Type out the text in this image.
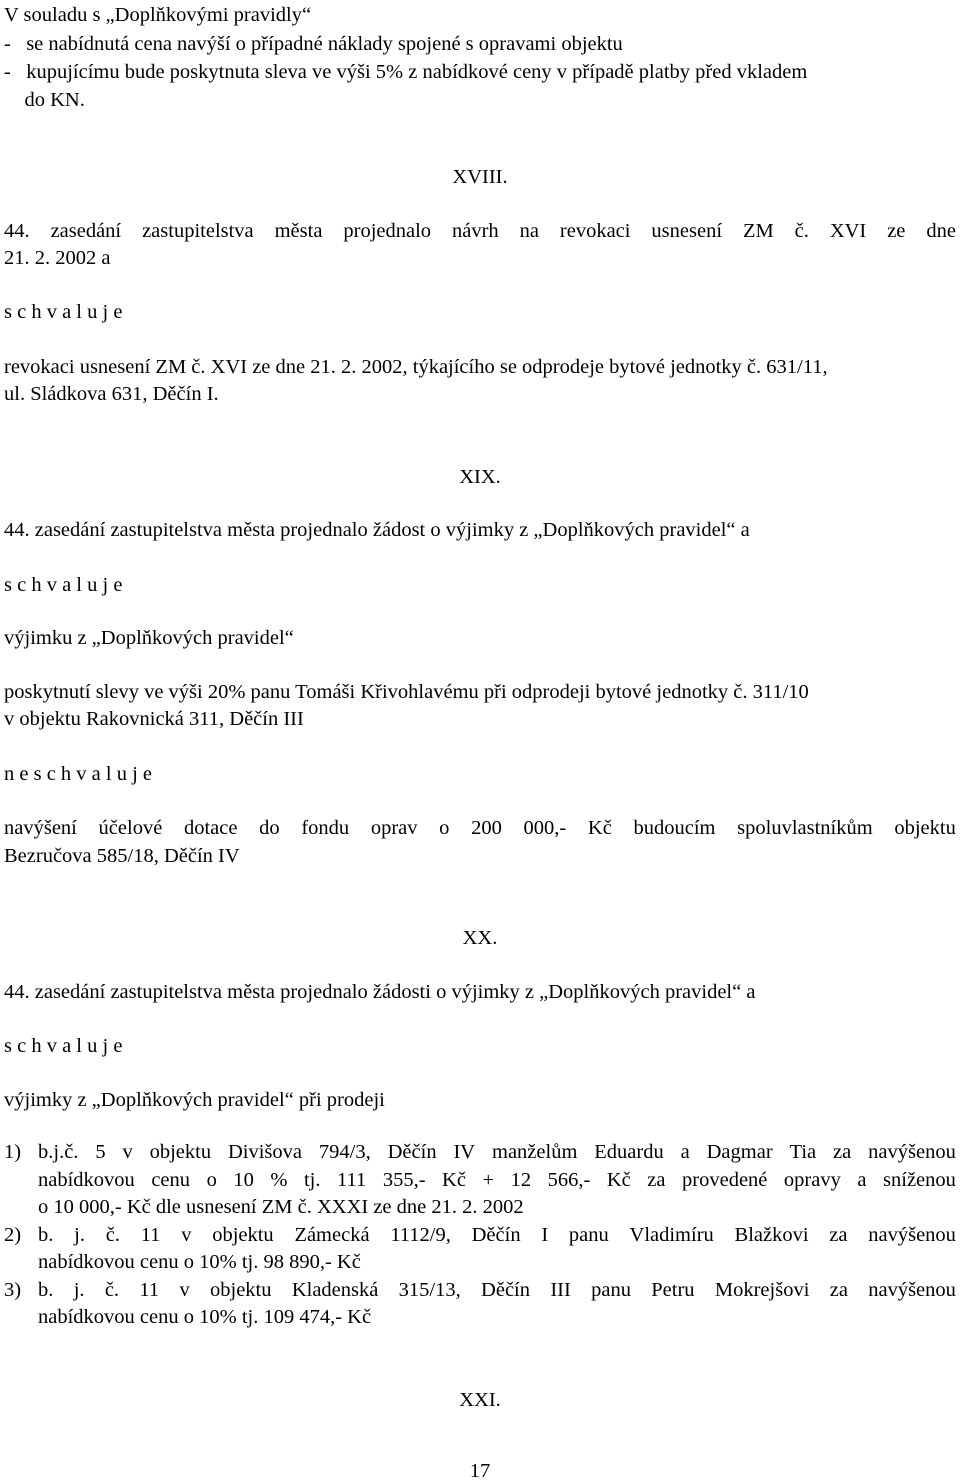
V souladu s „Doplňkovými pravidly“
-   se nabídnutá cena navýší o případné náklady spojené s opravami objektu
-   kupujícímu bude poskytnuta sleva ve výši 5% z nabídkové ceny v případě platby před vkladem
do KN.
XVIII.
44. zasedání zastupitelstva města projednalo návrh na revokaci usnesení ZM č. XVI ze dne
21. 2. 2002 a
s c h v a l u j e
revokaci usnesení ZM č. XVI ze dne 21. 2. 2002, týkajícího se odprodeje bytové jednotky č. 631/11,
ul. Sládkova 631, Děčín I.
XIX.
44. zasedání zastupitelstva města projednalo žádost o výjimky z „Doplňkových pravidel“ a
s c h v a l u j e
výjimku z „Doplňkových pravidel“
poskytnutí slevy ve výši 20% panu Tomáši Křivohlavému při odprodeji bytové jednotky č. 311/10
v objektu Rakovnická 311, Děčín III
n e s c h v a l u j e
navýšení účelové dotace do fondu oprav o 200 000,- Kč budoucím spoluvlastníkům objektu
Bezručova 585/18, Děčín IV
XX.
44. zasedání zastupitelstva města projednalo žádosti o výjimky z „Doplňkových pravidel“ a
s c h v a l u j e
výjimky z „Doplňkových pravidel“ při prodeji
1) b.j.č. 5 v objektu Divišova 794/3, Děčín IV manželům Eduardu a Dagmar Tia za navýšenou
nabídkovou cenu o 10 % tj. 111 355,- Kč + 12 566,- Kč za provedené opravy a sníženou
o 10 000,- Kč dle usnesení ZM č. XXXI ze dne 21. 2. 2002
2) b. j. č. 11 v objektu Zámecká 1112/9, Děčín I panu Vladimíru Blažkovi za navýšenou
nabídkovou cenu o 10% tj. 98 890,- Kč
3) b. j. č. 11 v objektu Kladenská 315/13, Děčín III panu Petru Mokrejšovi za navýšenou
nabídkovou cenu o 10% tj. 109 474,- Kč
XXI.
17
